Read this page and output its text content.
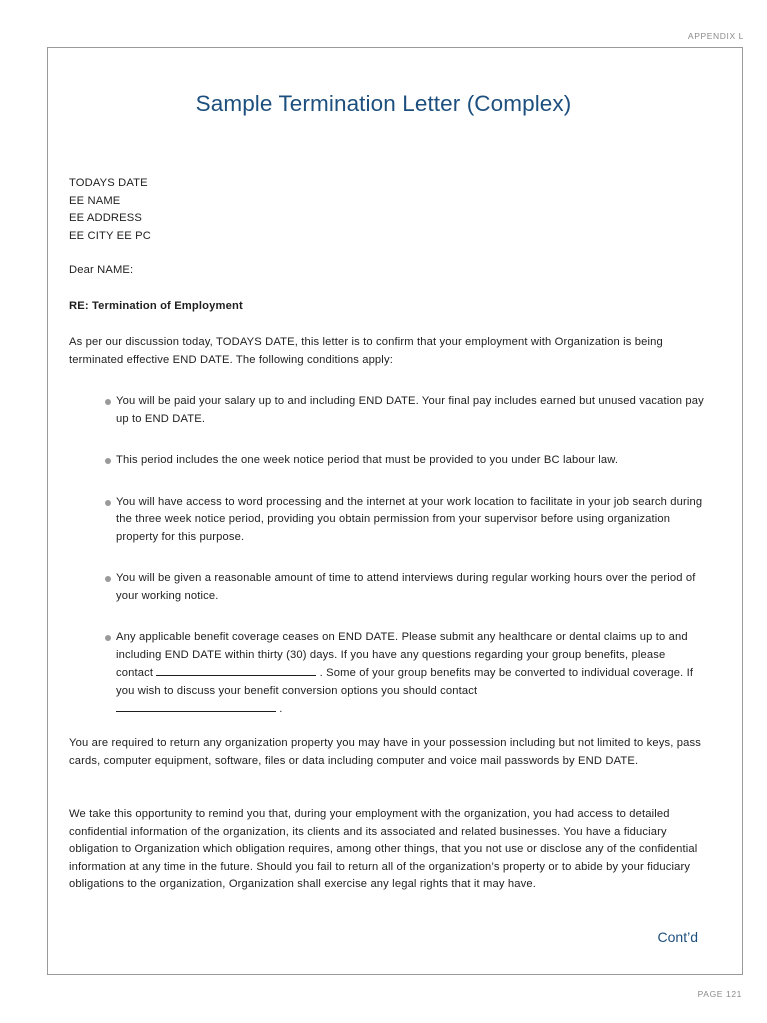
APPENDIX L
Sample Termination Letter (Complex)
TODAYS DATE
EE NAME
EE ADDRESS
EE CITY EE PC
Dear NAME:
RE: Termination of Employment
As per our discussion today, TODAYS DATE, this letter is to confirm that your employment with Organization is being terminated effective END DATE. The following conditions apply:
You will be paid your salary up to and including END DATE. Your final pay includes earned but unused vacation pay up to END DATE.
This period includes the one week notice period that must be provided to you under BC labour law.
You will have access to word processing and the internet at your work location to facilitate in your job search during the three week notice period, providing you obtain permission from your supervisor before using organization property for this purpose.
You will be given a reasonable amount of time to attend interviews during regular working hours over the period of your working notice.
Any applicable benefit coverage ceases on END DATE. Please submit any healthcare or dental claims up to and including END DATE within thirty (30) days. If you have any questions regarding your group benefits, please contact	. Some of your group benefits may be converted to individual coverage. If you wish to discuss your benefit conversion options you should contact
.
You are required to return any organization property you may have in your possession including but not limited to keys, pass cards, computer equipment, software, files or data including computer and voice mail passwords by END DATE.
We take this opportunity to remind you that, during your employment with the organization, you had access to detailed confidential information of the organization, its clients and its associated and related businesses. You have a fiduciary obligation to Organization which obligation requires, among other things, that you not use or disclose any of the confidential information at any time in the future. Should you fail to return all of the organization’s property or to abide by your fiduciary obligations to the organization, Organization shall exercise any legal rights that it may have.
Cont’d
PAGE 121
